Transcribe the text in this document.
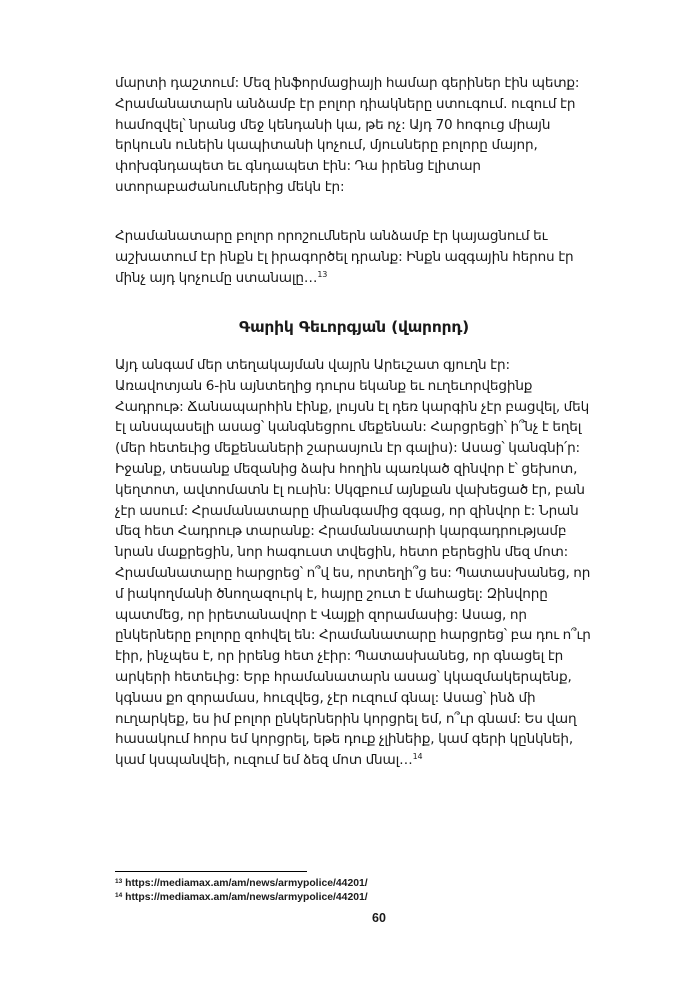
մարտի դաշտում: Մեզ ինֆորմացիայի համար գերիներ էին պետք: Հրամանատարն անձամբ էր բոլոր դիակները ստուգում. ուզում էր համոզվել՝ նրանց մեջ կենդանի կա, թե ոչ: Այդ 70 հոգուց միայն երկուսն ունեին կապիտանի կոչում, մյուսները բոլորը մայոր, փոխգնդապետ եւ գնդապետ էին: Դա իրենց էլիտար ստորաբաժանումներից մեկն էր:

Հրամանատարը բոլոր որոշումներն անձամբ էր կայացնում եւ աշխատում էր ինքն էլ իրագործել դրանք: Ինքն ազգային հերոս էր մինչ այդ կոչումը ստանալը…$^{13}$

Գարիկ Գեւորգյան (վարորդ)

Այդ անգամ մեր տեղակայման վայրն Արեւշատ գյուղն էր: Առավոտյան 6-ին այնտեղից դուրս եկանք եւ ուղեւորվեցինք Հադրութ: Ճանապարհին էինք, լույսն էլ դեռ կարգին չէր բացվել, մեկ էլ անսպասելի ասաց՝ կանգնեցրու մեքենան: Հարցրեցի՝ ի՞նչ է եղել (մեր հետեւից մեքենաների շարասյուն էր գալիս): Ասաց՝ կանգնի՛ր: Իջանք, տեսանք մեզանից ձախ հողին պառկած զինվոր է՝ ցեխոտ, կեղտոտ, ավտոմատն էլ ուսին: Սկզբում այնքան վախեցած էր, բան չէր ասում: Հրամանատարը միանգամից զգաց, որ զինվոր է: Նրան մեզ հետ Հադրութ տարանք: Հրամանատարի կարգադրությամբ նրան մաքրեցին, նոր հագուստ տվեցին, հետո բերեցին մեզ մոտ: Հրամանատարը հարցրեց՝ ո՞վ ես, որտեղի՞ց ես: Պատասխանեց, որ մ իակողմանի ծնողազուրկ է, հայրը շուտ է մահացել: Զինվորը պատմեց, որ իրետանավոր է Վայքի զորամասից: Ասաց, որ ընկերները բոլորը զոհվել են: Հրամանատարը հարցրեց՝ բա դու ո՞ւր էիր, ինչպես է, որ իրենց հետ չէիր: Պատասխանեց, որ գնացել էր արկերի հետեւից: Երբ հրամանատարն ասաց՝ կկազմակերպենք, կգնաս քո զորամաս, հուզվեց, չէր ուզում գնալ: Ասաց՝ ինձ մի ուղարկեք, ես իմ բոլոր ընկերներին կորցրել եմ, ո՞ւր գնամ: Ես վաղ հասակում հորս եմ կորցրել, եթե դուք չլինեիք, կամ գերի կընկնեի, կամ կսպանվեի, ուզում եմ ձեզ մոտ մնալ…$^{14}$

$^{13}$ https://mediamax.am/am/news/armypolice/44201/
$^{14}$ https://mediamax.am/am/news/armypolice/44201/
60
